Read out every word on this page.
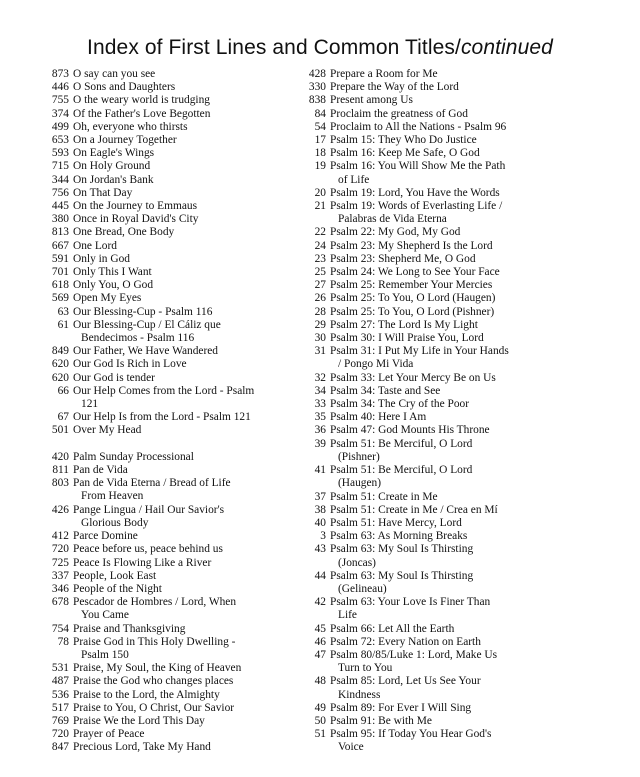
Index of First Lines and Common Titles/continued
873 O say can you see
446 O Sons and Daughters
755 O the weary world is trudging
374 Of the Father's Love Begotten
499 Oh, everyone who thirsts
653 On a Journey Together
593 On Eagle's Wings
715 On Holy Ground
344 On Jordan's Bank
756 On That Day
445 On the Journey to Emmaus
380 Once in Royal David's City
813 One Bread, One Body
667 One Lord
591 Only in God
701 Only This I Want
618 Only You, O God
569 Open My Eyes
63 Our Blessing-Cup - Psalm 116
61 Our Blessing-Cup / El Cáliz que
Bendecimos - Psalm 116
849 Our Father, We Have Wandered
620 Our God Is Rich in Love
620 Our God is tender
66 Our Help Comes from the Lord - Psalm
121
67 Our Help Is from the Lord - Psalm 121
501 Over My Head
420 Palm Sunday Processional
811 Pan de Vida
803 Pan de Vida Eterna / Bread of Life
From Heaven
426 Pange Lingua / Hail Our Savior's
Glorious Body
412 Parce Domine
720 Peace before us, peace behind us
725 Peace Is Flowing Like a River
337 People, Look East
346 People of the Night
678 Pescador de Hombres / Lord, When
You Came
754 Praise and Thanksgiving
78 Praise God in This Holy Dwelling -
Psalm 150
531 Praise, My Soul, the King of Heaven
487 Praise the God who changes places
536 Praise to the Lord, the Almighty
517 Praise to You, O Christ, Our Savior
769 Praise We the Lord This Day
720 Prayer of Peace
847 Precious Lord, Take My Hand
428 Prepare a Room for Me
330 Prepare the Way of the Lord
838 Present among Us
84 Proclaim the greatness of God
54 Proclaim to All the Nations - Psalm 96
17 Psalm 15: They Who Do Justice
18 Psalm 16: Keep Me Safe, O God
19 Psalm 16: You Will Show Me the Path
of Life
20 Psalm 19: Lord, You Have the Words
21 Psalm 19: Words of Everlasting Life /
Palabras de Vida Eterna
22 Psalm 22: My God, My God
24 Psalm 23: My Shepherd Is the Lord
23 Psalm 23: Shepherd Me, O God
25 Psalm 24: We Long to See Your Face
27 Psalm 25: Remember Your Mercies
26 Psalm 25: To You, O Lord (Haugen)
28 Psalm 25: To You, O Lord (Pishner)
29 Psalm 27: The Lord Is My Light
30 Psalm 30: I Will Praise You, Lord
31 Psalm 31: I Put My Life in Your Hands
/ Pongo Mi Vida
32 Psalm 33: Let Your Mercy Be on Us
34 Psalm 34: Taste and See
33 Psalm 34: The Cry of the Poor
35 Psalm 40: Here I Am
36 Psalm 47: God Mounts His Throne
39 Psalm 51: Be Merciful, O Lord
(Pishner)
41 Psalm 51: Be Merciful, O Lord
(Haugen)
37 Psalm 51: Create in Me
38 Psalm 51: Create in Me / Crea en Mí
40 Psalm 51: Have Mercy, Lord
3 Psalm 63: As Morning Breaks
43 Psalm 63: My Soul Is Thirsting
(Joncas)
44 Psalm 63: My Soul Is Thirsting
(Gelineau)
42 Psalm 63: Your Love Is Finer Than
Life
45 Psalm 66: Let All the Earth
46 Psalm 72: Every Nation on Earth
47 Psalm 80/85/Luke 1: Lord, Make Us
Turn to You
48 Psalm 85: Lord, Let Us See Your
Kindness
49 Psalm 89: For Ever I Will Sing
50 Psalm 91: Be with Me
51 Psalm 95: If Today You Hear God's
Voice
